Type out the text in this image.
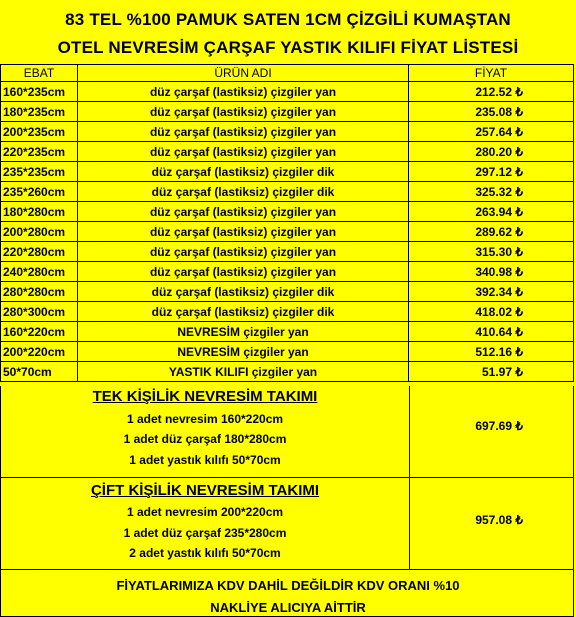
83 TEL %100 PAMUK SATEN 1CM ÇİZGİLİ KUMAŞTAN
OTEL NEVRESİM ÇARŞAF YASTIK KILIFI FİYAT LİSTESİ
EBAT	ÜRÜN ADI	FİYAT
160*235cm	düz çarşaf (lastiksiz) çizgiler yan	212.52 ₺
180*235cm	düz çarşaf (lastiksiz) çizgiler yan	235.08 ₺
200*235cm	düz çarşaf (lastiksiz) çizgiler yan	257.64 ₺
220*235cm	düz çarşaf (lastiksiz) çizgiler yan	280.20 ₺
235*235cm	düz çarşaf (lastiksiz) çizgiler dik	297.12 ₺
235*260cm	düz çarşaf (lastiksiz) çizgiler dik	325.32 ₺
180*280cm	düz çarşaf (lastiksiz) çizgiler yan	263.94 ₺
200*280cm	düz çarşaf (lastiksiz) çizgiler yan	289.62 ₺
220*280cm	düz çarşaf (lastiksiz) çizgiler yan	315.30 ₺
240*280cm	düz çarşaf (lastiksiz) çizgiler yan	340.98 ₺
280*280cm	düz çarşaf (lastiksiz) çizgiler dik	392.34 ₺
280*300cm	düz çarşaf (lastiksiz) çizgiler dik	418.02 ₺
160*220cm	NEVRESİM çizgiler yan	410.64 ₺
200*220cm	NEVRESİM çizgiler yan	512.16 ₺
50*70cm	YASTIK KILIFI çizgiler yan	51.97 ₺
TEK KİŞİLİK NEVRESİM TAKIMI
1 adet nevresim 160*220cm
1 adet düz çarşaf 180*280cm
1 adet yastık kılıfı 50*70cm
697.69 ₺
ÇİFT KİŞİLİK NEVRESİM TAKIMI
1 adet nevresim 200*220cm
1 adet düz çarşaf 235*280cm
2 adet yastık kılıfı 50*70cm
957.08 ₺
FİYATLARIMIZA KDV DAHİL DEĞİLDİR KDV ORANI %10
NAKLİYE ALICIYA AİTTİR
